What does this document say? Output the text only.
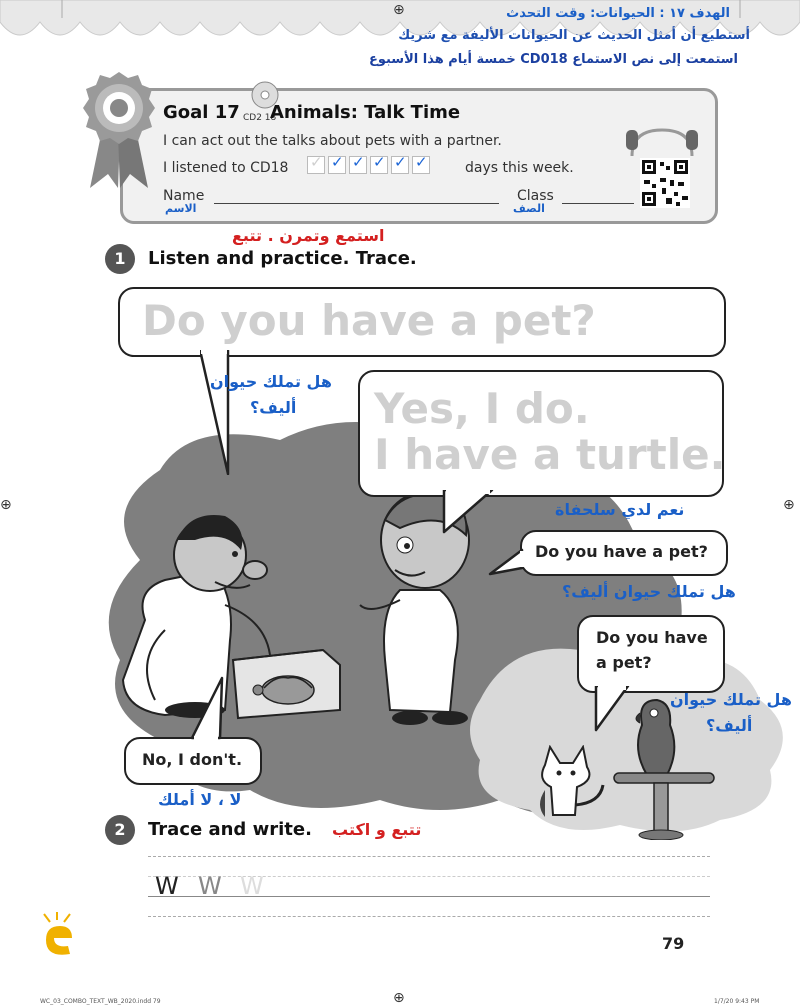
⊕	الهدف ١٧ : الحيوانات: وقت التحدث
أستطيع أن أمثل الحديث عن الحيوانات الأليفة مع شريك
استمعت إلى نص الاستماع CD018 خمسة أيام هذا الأسبوع
Goal 17 CD2 18
Animals: Talk Time
I can act out the talks about pets with a partner.
I listened to CD18 ✓ ✓ ✓ ✓ ✓ ✓	days this week.
Name
الاسم
Class
الصف
استمع وتمرن . تتبع
1	Listen and practice. Trace.
Do you have a pet?
Yes, I do.
I have a turtle.
هل تملك حيوان
أليف؟
نعم لدي سلحفاة
Do you have a pet?
هل تملك حيوان أليف؟
Do you have
a pet?
هل تملك حيوان
أليف؟
No, I don't.
لا ، لا أملك
2	Trace and write. تتبع و اكتب
W W W
79
⊕	⊕
WC_03_COMBO_TEXT_WB_2020.indd 79	⊕	1/7/20 9:43 PM
